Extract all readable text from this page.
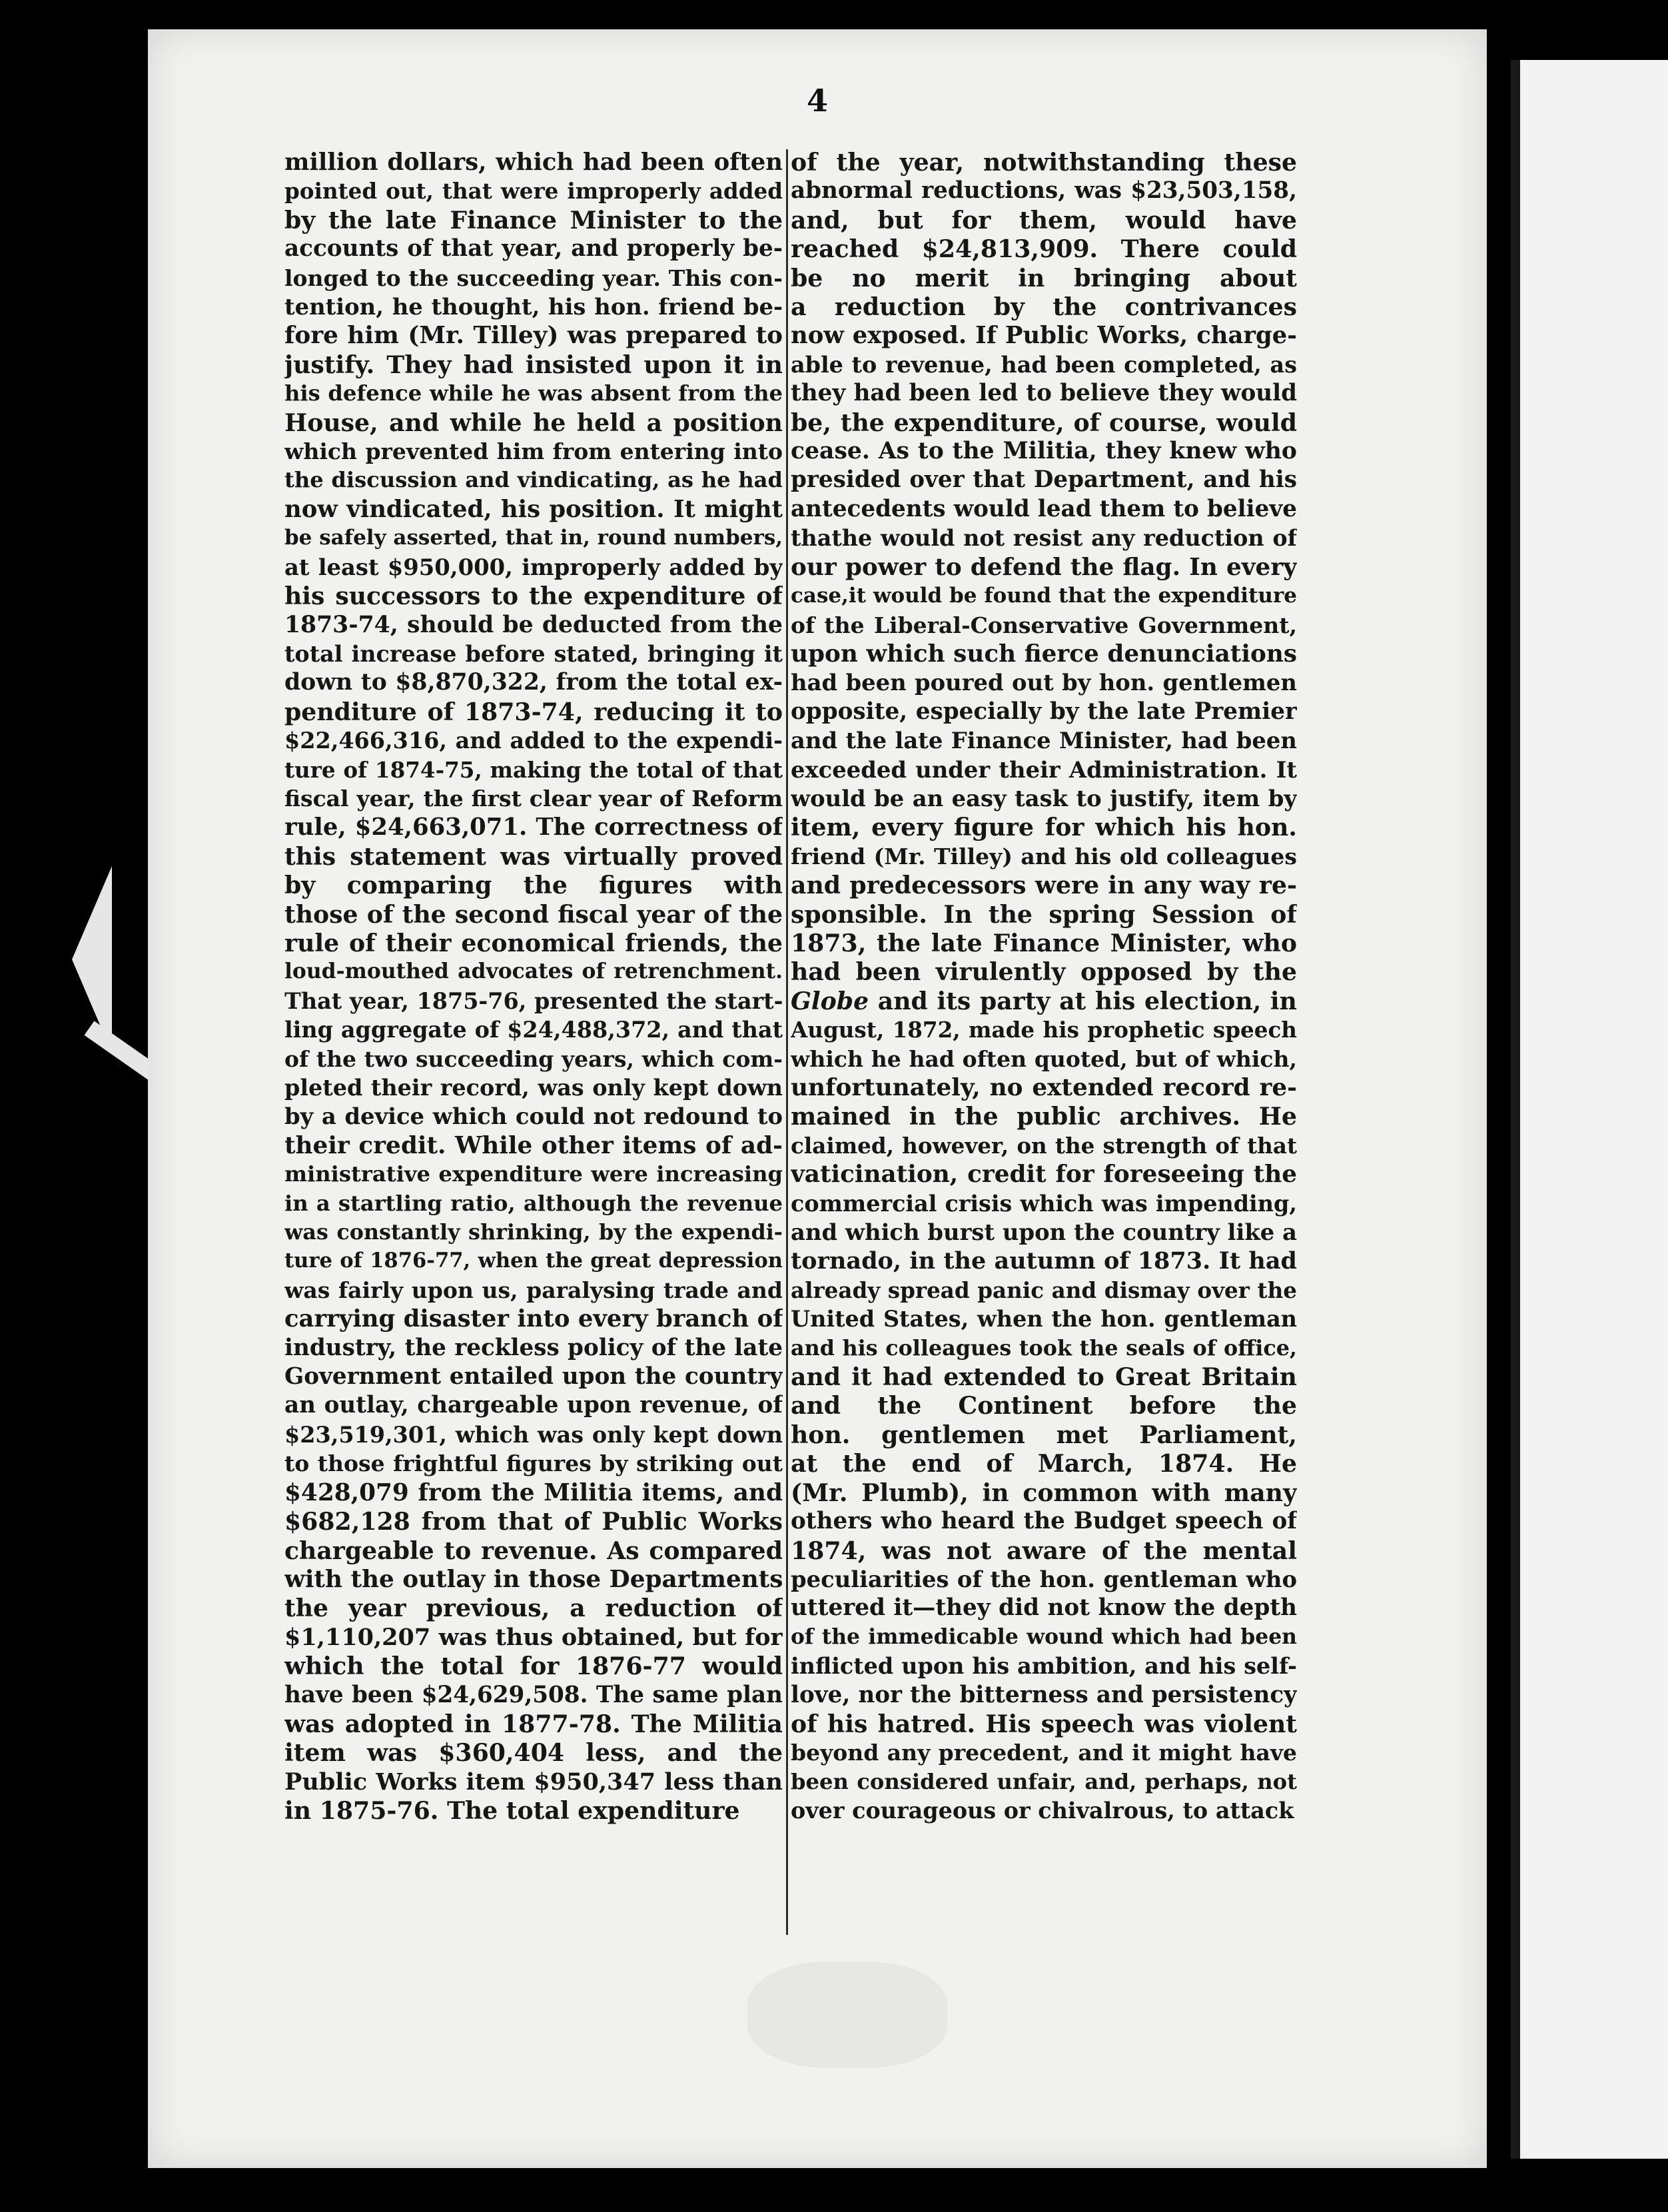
4
million dollars, which had been often
pointed out, that were improperly added
by the late Finance Minister to the
accounts of that year, and properly be-
longed to the succeeding year. This con-
tention, he thought, his hon. friend be-
fore him (Mr. Tilley) was prepared to
justify. They had insisted upon it in
his defence while he was absent from the
House, and while he held a position
which prevented him from entering into
the discussion and vindicating, as he had
now vindicated, his position. It might
be safely asserted, that in, round numbers,
at least $950,000, improperly added by
his successors to the expenditure of
1873-74, should be deducted from the
total increase before stated, bringing it
down to $8,870,322, from the total ex-
penditure of 1873-74, reducing it to
$22,466,316, and added to the expendi-
ture of 1874-75, making the total of that
fiscal year, the first clear year of Reform
rule, $24,663,071. The correctness of
this statement was virtually proved
by comparing the figures with
those of the second fiscal year of the
rule of their economical friends, the
loud-mouthed advocates of retrenchment.
That year, 1875-76, presented the start-
ling aggregate of $24,488,372, and that
of the two succeeding years, which com-
pleted their record, was only kept down
by a device which could not redound to
their credit. While other items of ad-
ministrative expenditure were increasing
in a startling ratio, although the revenue
was constantly shrinking, by the expendi-
ture of 1876-77, when the great depression
was fairly upon us, paralysing trade and
carrying disaster into every branch of
industry, the reckless policy of the late
Government entailed upon the country
an outlay, chargeable upon revenue, of
$23,519,301, which was only kept down
to those frightful figures by striking out
$428,079 from the Militia items, and
$682,128 from that of Public Works
chargeable to revenue. As compared
with the outlay in those Departments
the year previous, a reduction of
$1,110,207 was thus obtained, but for
which the total for 1876-77 would
have been $24,629,508. The same plan
was adopted in 1877-78. The Militia
item was $360,404 less, and the
Public Works item $950,347 less than
in 1875-76. The total expenditure
of the year, notwithstanding these
abnormal reductions, was $23,503,158,
and, but for them, would have
reached $24,813,909. There could
be no merit in bringing about
a reduction by the contrivances
now exposed. If Public Works, charge-
able to revenue, had been completed, as
they had been led to believe they would
be, the expenditure, of course, would
cease. As to the Militia, they knew who
presided over that Department, and his
antecedents would lead them to believe
thathe would not resist any reduction of
our power to defend the flag. In every
case,it would be found that the expenditure
of the Liberal-Conservative Government,
upon which such fierce denunciations
had been poured out by hon. gentlemen
opposite, especially by the late Premier
and the late Finance Minister, had been
exceeded under their Administration. It
would be an easy task to justify, item by
item, every figure for which his hon.
friend (Mr. Tilley) and his old colleagues
and predecessors were in any way re-
sponsible. In the spring Session of
1873, the late Finance Minister, who
had been virulently opposed by the
Globe and its party at his election, in
August, 1872, made his prophetic speech
which he had often quoted, but of which,
unfortunately, no extended record re-
mained in the public archives. He
claimed, however, on the strength of that
vaticination, credit for foreseeing the
commercial crisis which was impending,
and which burst upon the country like a
tornado, in the autumn of 1873. It had
already spread panic and dismay over the
United States, when the hon. gentleman
and his colleagues took the seals of office,
and it had extended to Great Britain
and the Continent before the
hon. gentlemen met Parliament,
at the end of March, 1874. He
(Mr. Plumb), in common with many
others who heard the Budget speech of
1874, was not aware of the mental
peculiarities of the hon. gentleman who
uttered it—they did not know the depth
of the immedicable wound which had been
inflicted upon his ambition, and his self-
love, nor the bitterness and persistency
of his hatred. His speech was violent
beyond any precedent, and it might have
been considered unfair, and, perhaps, not
over courageous or chivalrous, to attack
